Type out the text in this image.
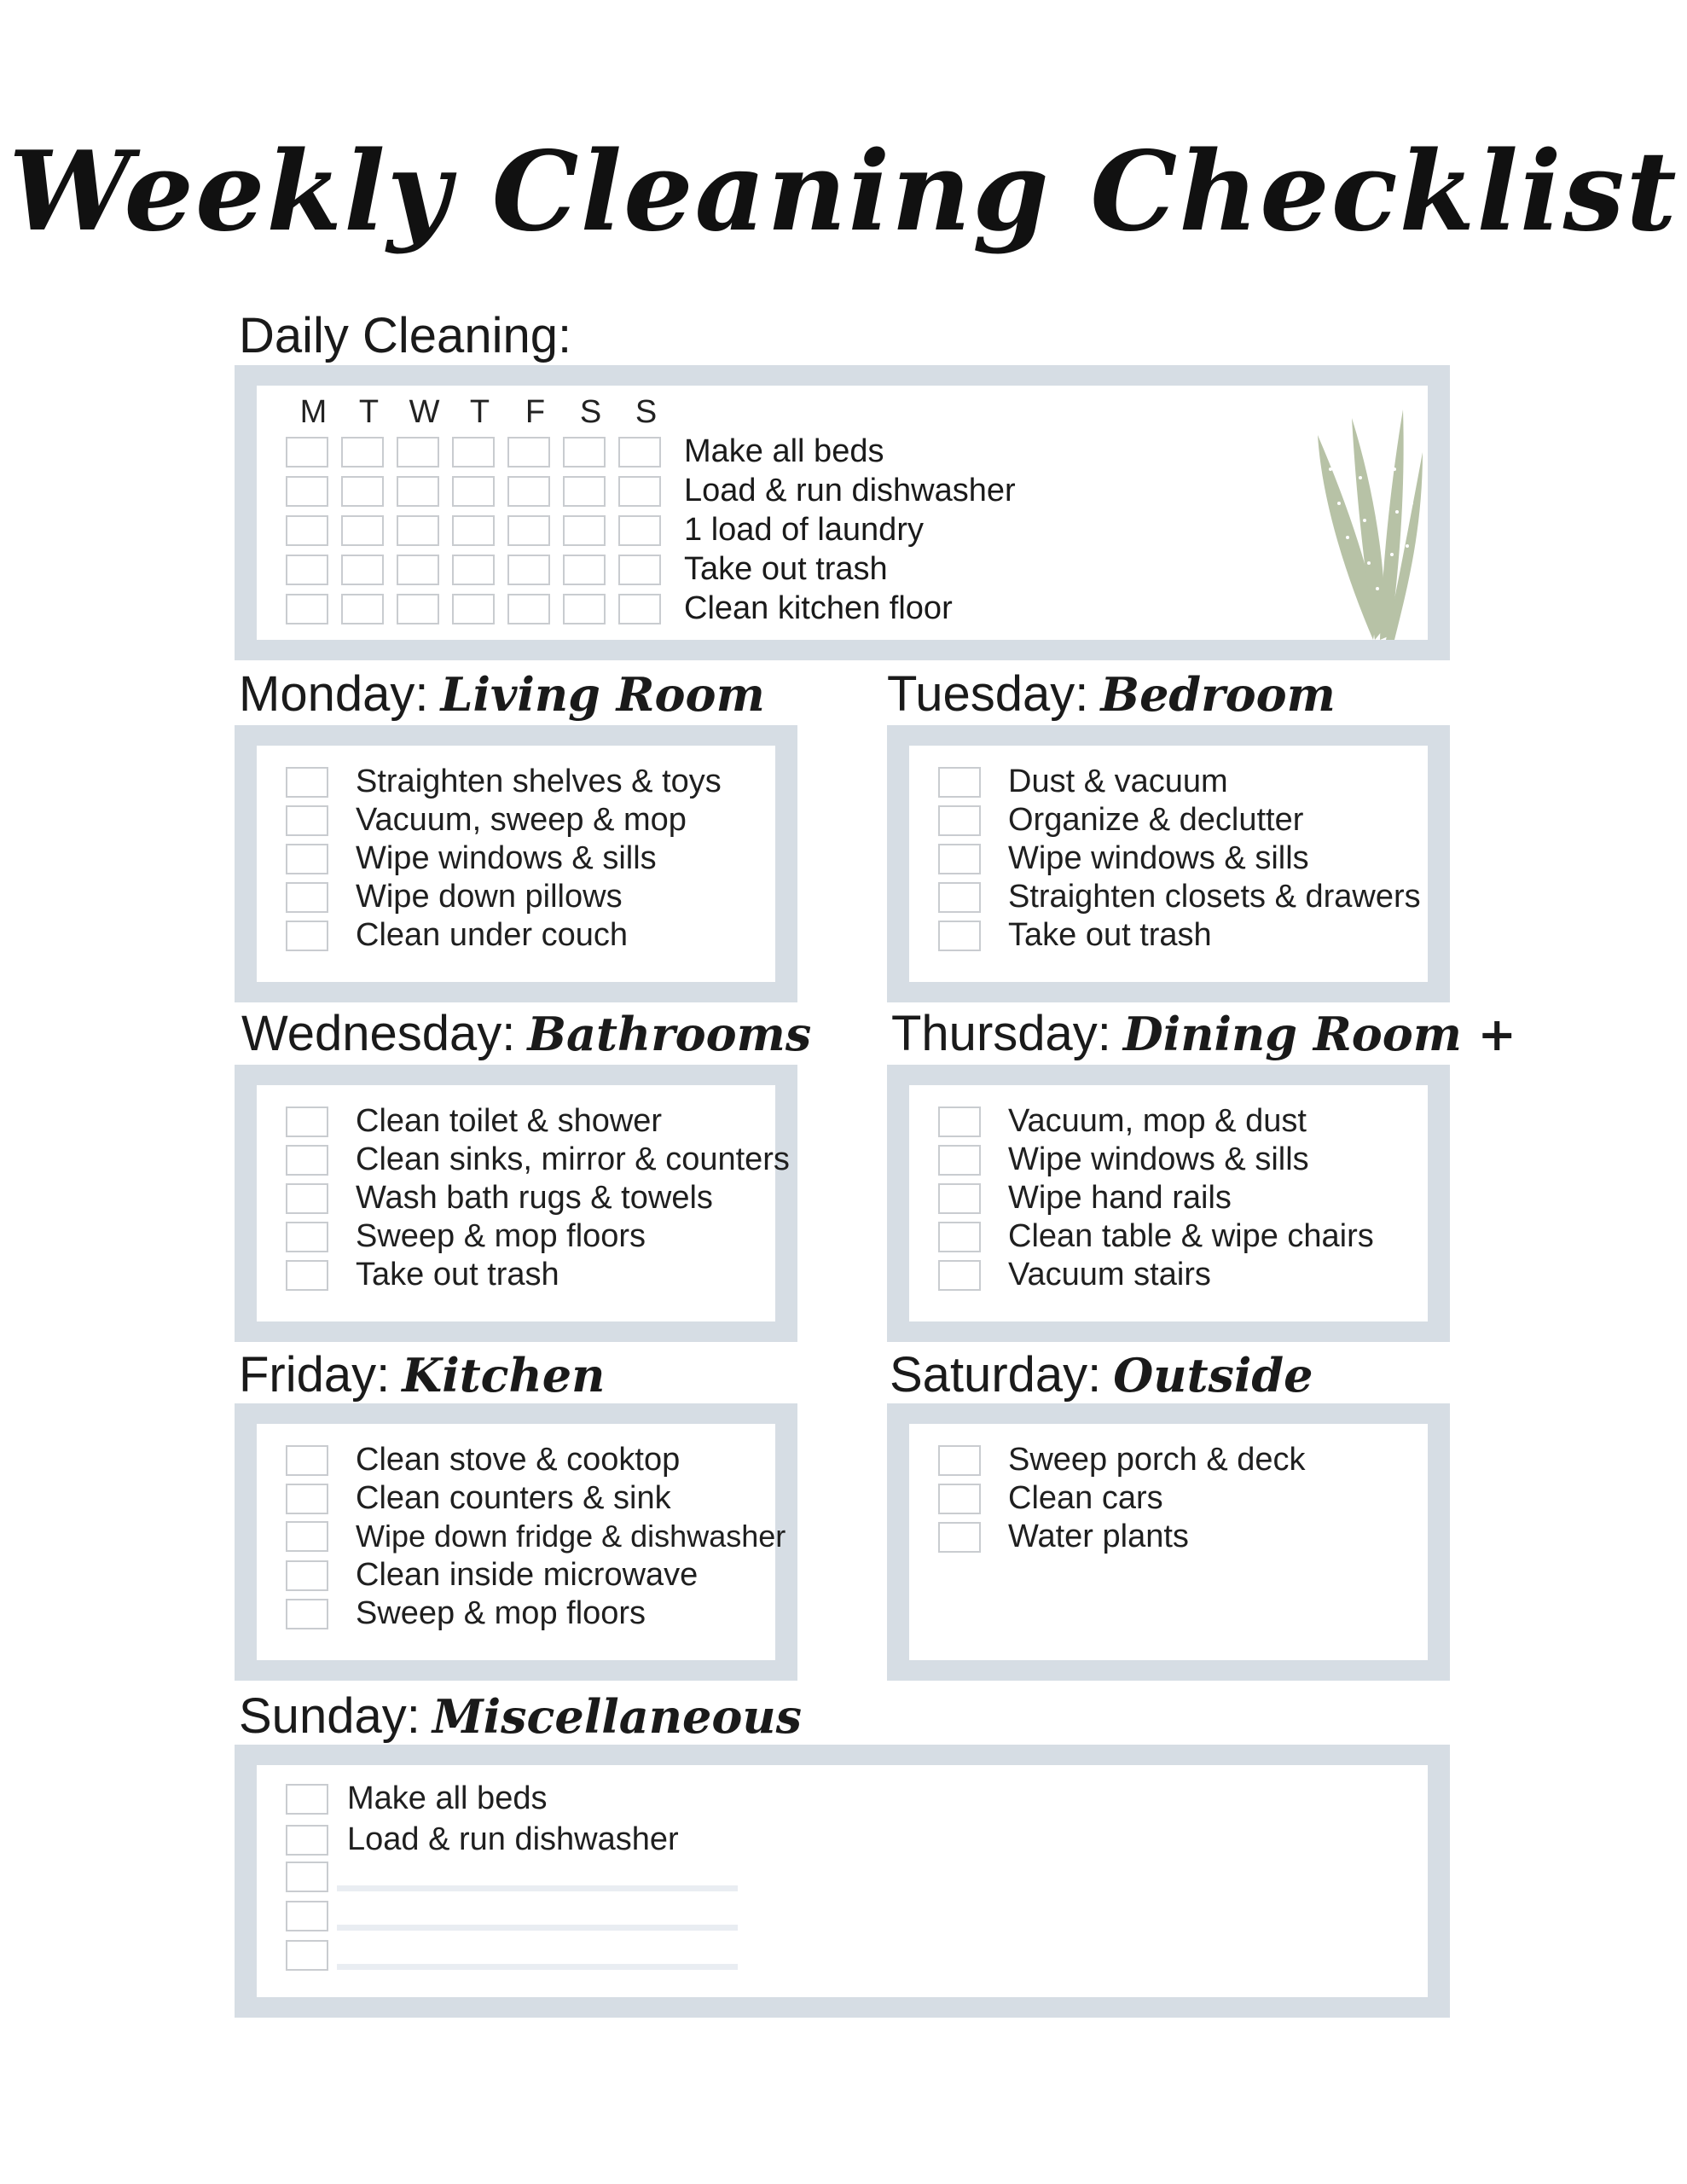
Weekly Cleaning Checklist
Daily Cleaning:
M T W T	F	S	S
Make all beds
Load & run dishwasher
1 load of laundry
Take out trash
Clean kitchen floor
Monday: Living Room
Straighten shelves & toys
Vacuum, sweep & mop
Wipe windows & sills
Wipe down pillows
Clean under couch
Tuesday: Bedroom
Dust & vacuum
Organize & declutter
Wipe windows & sills
Straighten closets & drawers
Take out trash
Wednesday: Bathrooms
Clean toilet & shower
Clean sinks, mirror & counters
Wash bath rugs & towels
Sweep & mop floors
Take out trash
Thursday: Dining Room +
Vacuum, mop & dust
Wipe windows & sills
Wipe hand rails
Clean table & wipe chairs
Vacuum stairs
Friday: Kitchen
Clean stove & cooktop
Clean counters & sink
Wipe down fridge & dishwasher
Clean inside microwave
Sweep & mop floors
Saturday: Outside
Sweep porch & deck
Clean cars
Water plants
Sunday: Miscellaneous
Make all beds
Load & run dishwasher
